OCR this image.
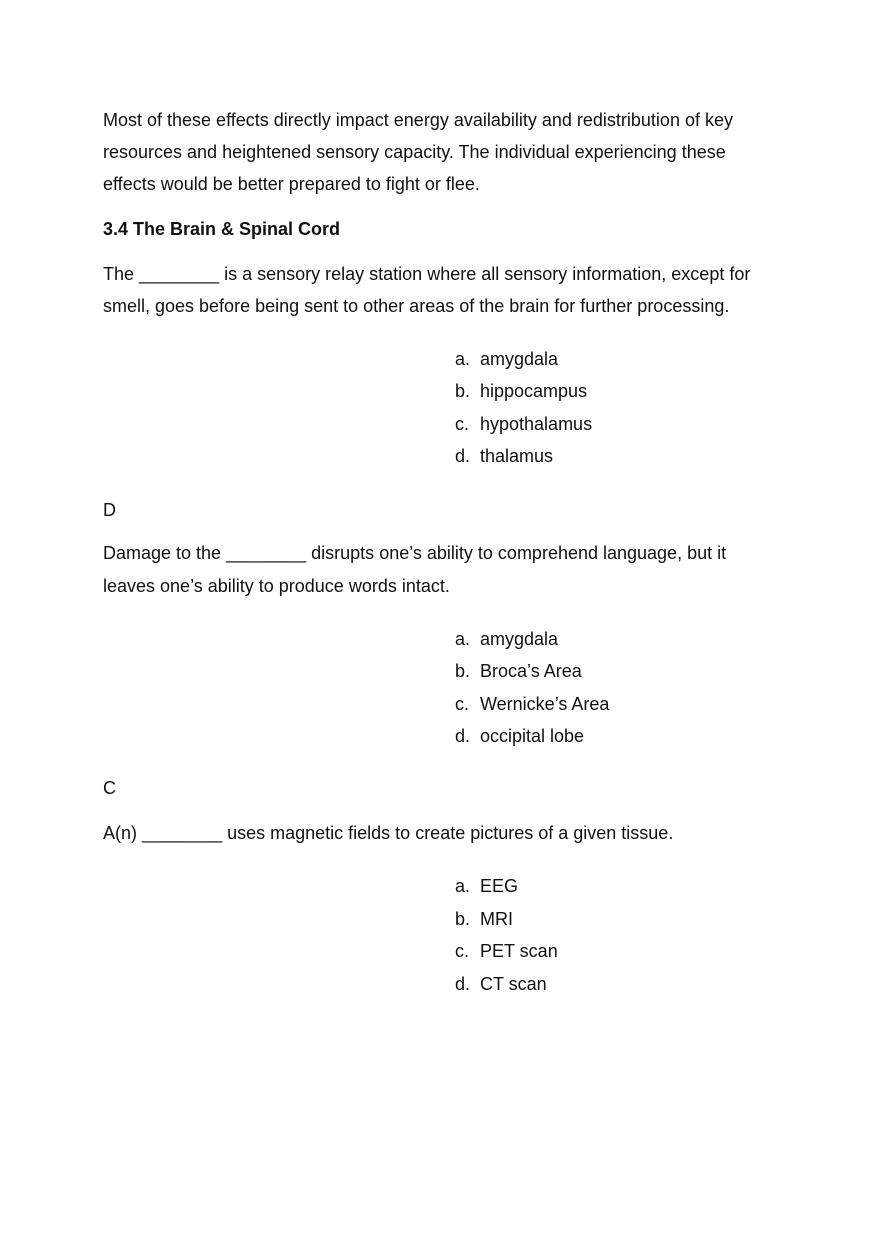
Most of these effects directly impact energy availability and redistribution of key
resources and heightened sensory capacity. The individual experiencing these
effects would be better prepared to fight or flee.
3.4 The Brain & Spinal Cord
The ________ is a sensory relay station where all sensory information, except for
smell, goes before being sent to other areas of the brain for further processing.
a. amygdala
b. hippocampus
c. hypothalamus
d. thalamus
D
Damage to the ________ disrupts one’s ability to comprehend language, but it
leaves one’s ability to produce words intact.
a. amygdala
b. Broca’s Area
c. Wernicke’s Area
d. occipital lobe
C
A(n) ________ uses magnetic fields to create pictures of a given tissue.
a. EEG
b. MRI
c. PET scan
d. CT scan
